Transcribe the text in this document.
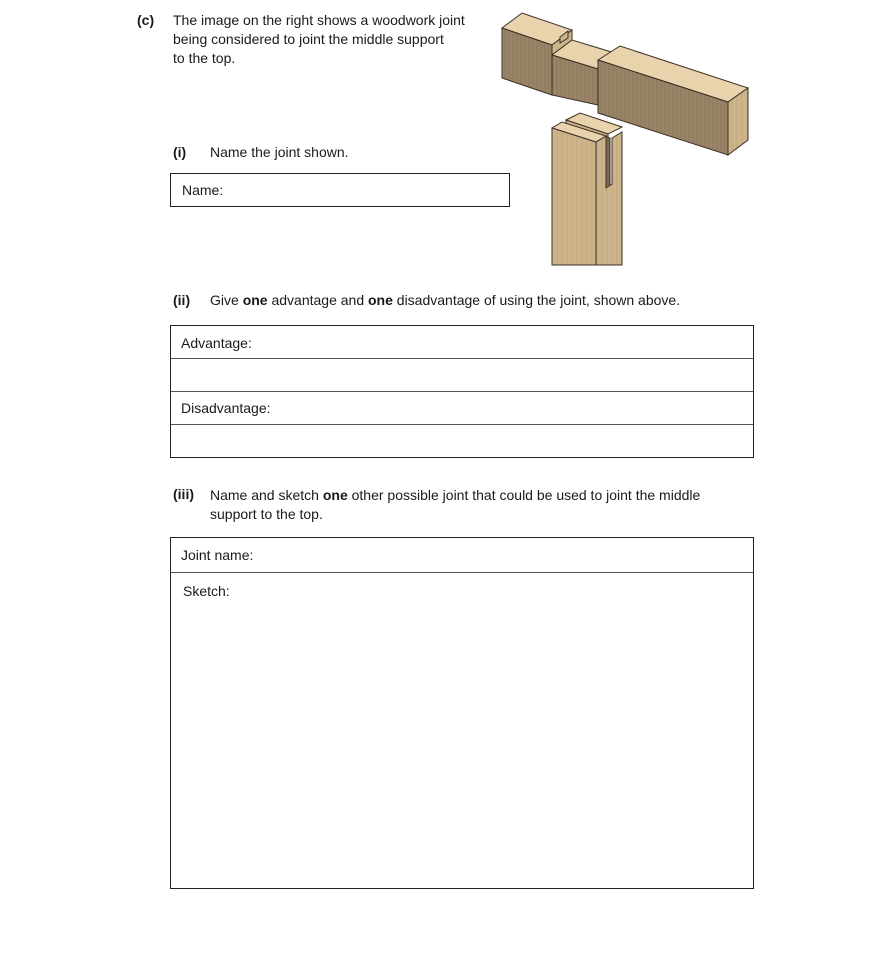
(c) The image on the right shows a woodwork joint
being considered to joint the middle support
to the top.
(i) Name the joint shown.
Name:
(ii) Give one advantage and one disadvantage of using the joint, shown above.
Advantage:
Disadvantage:
(iii) Name and sketch one other possible joint that could be used to joint the middle
support to the top.
Joint name:
Sketch:
